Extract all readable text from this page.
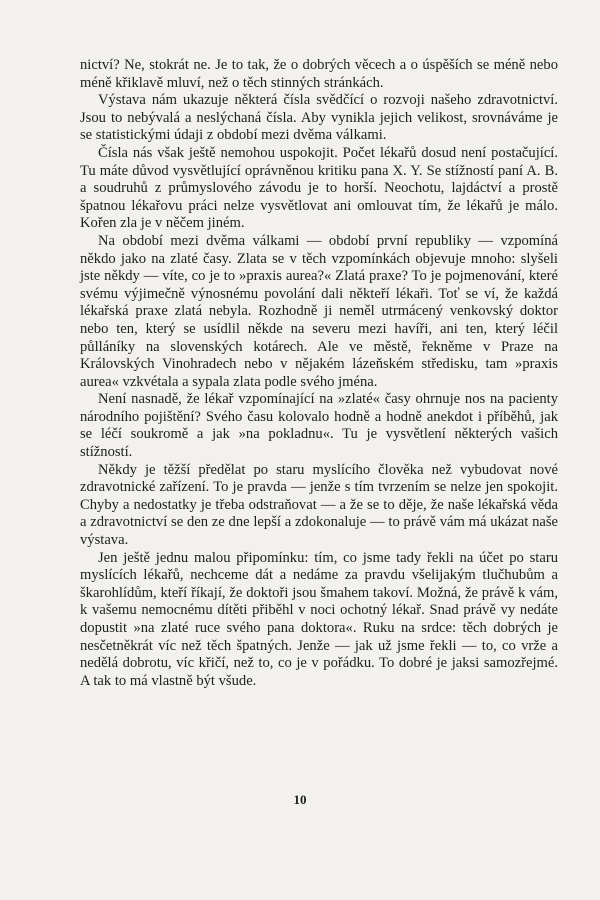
nictví? Ne, stokrát ne. Je to tak, že o dobrých věcech a o úspěších se méně nebo méně křiklavě mluví, než o těch stinných stránkách.

Výstava nám ukazuje některá čísla svědčící o rozvoji našeho zdravotnictví. Jsou to nebývalá a neslýchaná čísla. Aby vynikla jejich velikost, srovnáváme je se statistickými údaji z období mezi dvěma válkami.

Čísla nás však ještě nemohou uspokojit. Počet lékařů dosud není postačující. Tu máte důvod vysvětlující oprávněnou kritiku pana X. Y. Se stížností paní A. B. a soudruhů z průmyslového závodu je to horší. Neochotu, lajdáctví a prostě špatnou lékařovu práci nelze vysvětlovat ani omlouvat tím, že lékařů je málo. Kořen zla je v něčem jiném.

Na období mezi dvěma válkami — období první republiky — vzpomíná někdo jako na zlaté časy. Zlata se v těch vzpomínkách objevuje mnoho: slyšeli jste někdy — víte, co je to »praxis aurea?« Zlatá praxe? To je pojmenování, které svému výjimečně výnosnému povolání dali někteří lékaři. Toť se ví, že každá lékařská praxe zlatá nebyla. Rozhodně ji neměl utrmácený venkovský doktor nebo ten, který se usídlil někde na severu mezi havíři, ani ten, který léčil půlláníky na slovenských kotárech. Ale ve městě, řekněme v Praze na Královských Vinohradech nebo v nějakém lázeňském středisku, tam »praxis aurea« vzkvétala a sypala zlata podle svého jména.

Není nasnadě, že lékař vzpomínající na »zlaté« časy ohrnuje nos na pacienty národního pojištění? Svého času kolovalo hodně a hodně anekdot i příběhů, jak se léčí soukromě a jak »na pokladnu«. Tu je vysvětlení některých vašich stížností.

Někdy je těžší předělat po staru myslícího člověka než vybudovat nové zdravotnické zařízení. To je pravda — jenže s tím tvrzením se nelze jen spokojit. Chyby a nedostatky je třeba odstraňovat — a že se to děje, že naše lékařská věda a zdravotnictví se den ze dne lepší a zdokonaluje — to právě vám má ukázat naše výstava.

Jen ještě jednu malou připomínku: tím, co jsme tady řekli na účet po staru myslících lékařů, nechceme dát a nedáme za pravdu všelijakým tlučhubům a škarohlídům, kteří říkají, že doktoři jsou šmahem takoví. Možná, že právě k vám, k vašemu nemocnému dítěti přiběhl v noci ochotný lékař. Snad právě vy nedáte dopustit »na zlaté ruce svého pana doktora«. Ruku na srdce: těch dobrých je nesčetněkrát víc než těch špatných. Jenže — jak už jsme řekli — to, co vrže a nedělá dobrotu, víc křičí, než to, co je v pořádku. To dobré je jaksi samozřejmé. A tak to má vlastně být všude.

10
